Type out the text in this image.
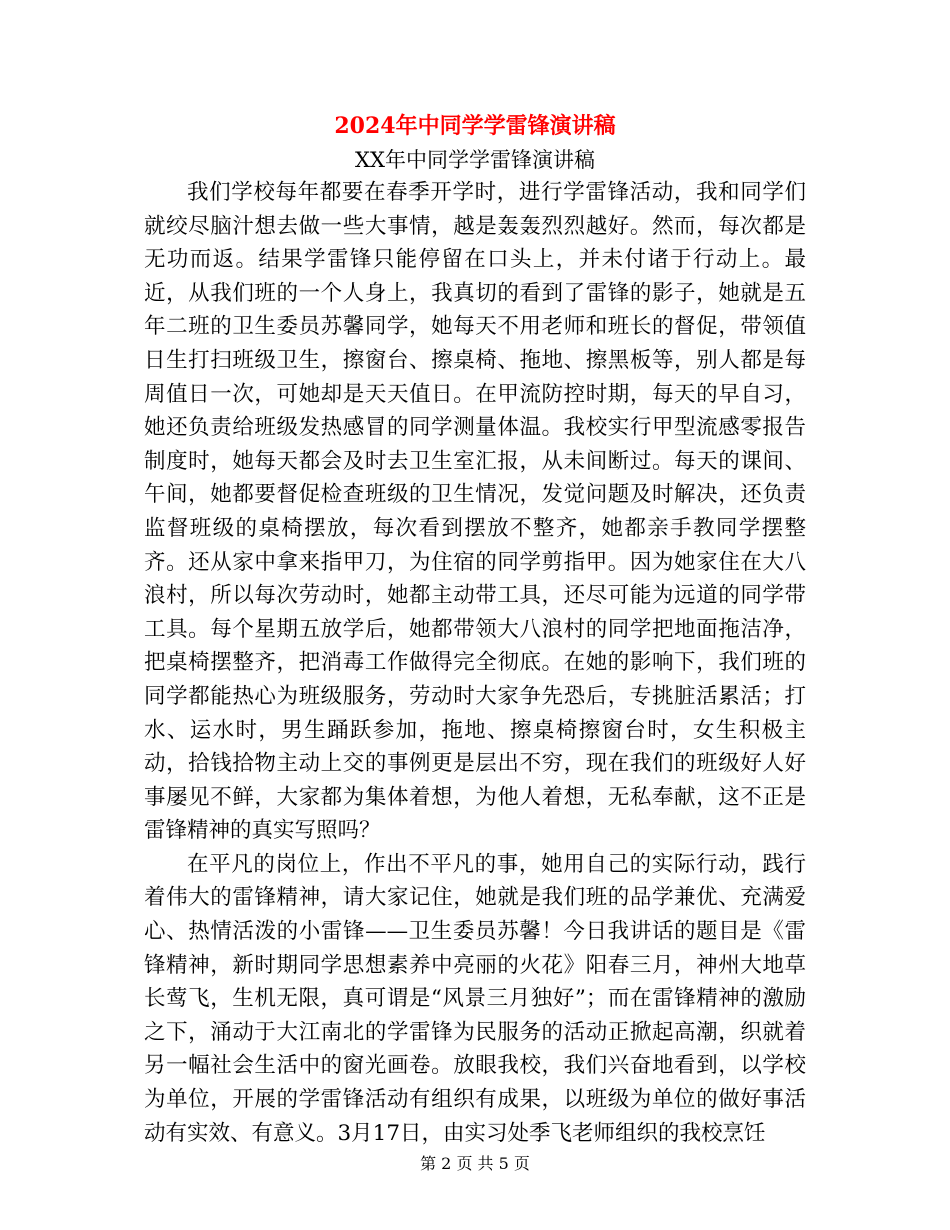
2024年中同学学雷锋演讲稿
XX年中同学学雷锋演讲稿

我们学校每年都要在春季开学时，进行学雷锋活动，我和同学们就绞尽脑汁想去做一些大事情，越是轰轰烈烈越好。然而，每次都是无功而返。结果学雷锋只能停留在口头上，并未付诸于行动上。最近，从我们班的一个人身上，我真切的看到了雷锋的影子，她就是五年二班的卫生委员苏馨同学，她每天不用老师和班长的督促，带领值日生打扫班级卫生，擦窗台、擦桌椅、拖地、擦黑板等，别人都是每周值日一次，可她却是天天值日。在甲流防控时期，每天的早自习，她还负责给班级发热感冒的同学测量体温。我校实行甲型流感零报告制度时，她每天都会及时去卫生室汇报，从未间断过。每天的课间、午间，她都要督促检查班级的卫生情况，发觉问题及时解决，还负责监督班级的桌椅摆放，每次看到摆放不整齐，她都亲手教同学摆整齐。还从家中拿来指甲刀，为住宿的同学剪指甲。因为她家住在大八浪村，所以每次劳动时，她都主动带工具，还尽可能为远道的同学带工具。每个星期五放学后，她都带领大八浪村的同学把地面拖洁净，把桌椅摆整齐，把消毒工作做得完全彻底。在她的影响下，我们班的同学都能热心为班级服务，劳动时大家争先恐后，专挑脏活累活；打水、运水时，男生踊跃参加，拖地、擦桌椅擦窗台时，女生积极主动，拾钱拾物主动上交的事例更是层出不穷，现在我们的班级好人好事屡见不鲜，大家都为集体着想，为他人着想，无私奉献，这不正是雷锋精神的真实写照吗？

在平凡的岗位上，作出不平凡的事，她用自己的实际行动，践行着伟大的雷锋精神，请大家记住，她就是我们班的品学兼优、充满爱心、热情活泼的小雷锋——卫生委员苏馨！今日我讲话的题目是《雷锋精神，新时期同学思想素养中亮丽的火花》阳春三月，神州大地草长莺飞，生机无限，真可谓是“风景三月独好”；而在雷锋精神的激励之下，涌动于大江南北的学雷锋为民服务的活动正掀起高潮，织就着另一幅社会生活中的窗光画卷。放眼我校，我们兴奋地看到，以学校为单位，开展的学雷锋活动有组织有成果，以班级为单位的做好事活动有实效、有意义。3月17日，由实习处季飞老师组织的我校烹饪

第 2 页 共 5 页
